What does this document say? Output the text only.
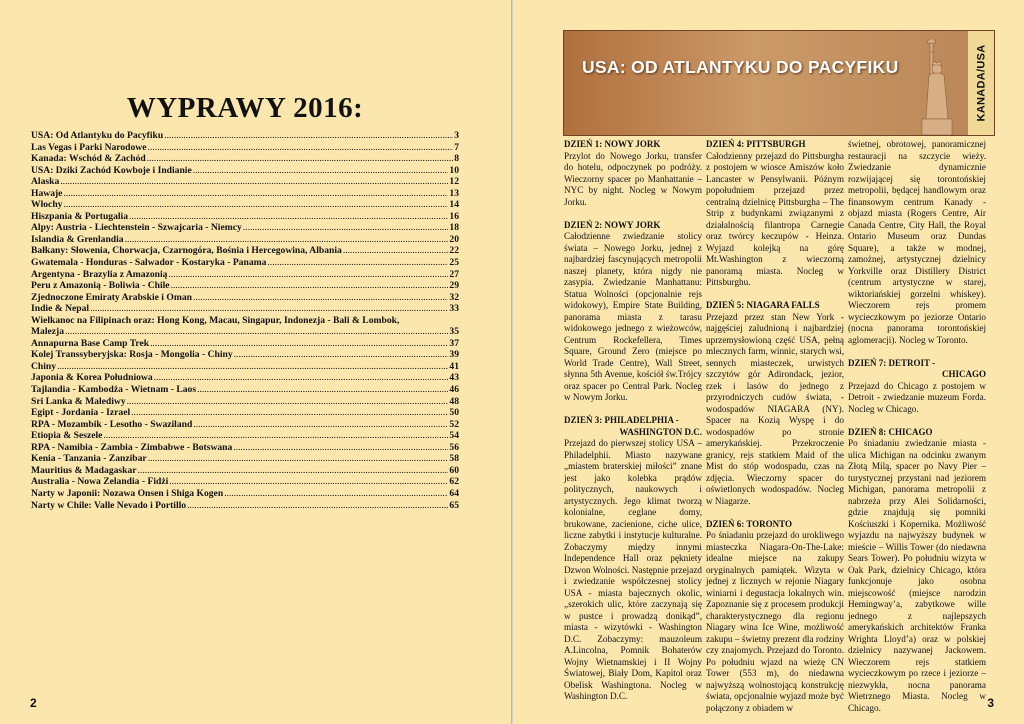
WYPRAWY 2016:
USA: Od Atlantyku do Pacyfiku .....	3
Las Vegas i Parki Narodowe .....	7
Kanada: Wschód & Zachód .....	8
USA: Dziki Zachód Kowboje i Indianie .....	10
Alaska .....	12
Hawaje .....	13
Włochy .....	14
Hiszpania & Portugalia .....	16
Alpy: Austria - Liechtenstein - Szwajcaria - Niemcy .....	18
Islandia & Grenlandia .....	20
Bałkany: Słowenia, Chorwacja, Czarnogóra, Bośnia i Hercegowina, Albania .....	22
Gwatemala - Honduras - Salwador - Kostaryka - Panama .....	25
Argentyna - Brazylia z Amazonią .....	27
Peru z Amazonią - Boliwia - Chile .....	29
Zjednoczone Emiraty Arabskie i Oman .....	32
Indie & Nepal .....	33
Wielkanoc na Filipinach oraz: Hong Kong, Macau, Singapur, Indonezja - Bali & Lombok,
Malezja .....	35
Annapurna Base Camp Trek .....	37
Kolej Transsyberyjska: Rosja - Mongolia - Chiny .....	39
Chiny .....	41
Japonia & Korea Południowa .....	43
Tajlandia - Kambodża - Wietnam - Laos .....	46
Sri Lanka & Malediwy .....	48
Egipt - Jordania - Izrael .....	50
RPA - Mozambik - Lesotho - Swaziland .....	52
Etiopia & Seszele .....	54
RPA - Namibia - Zambia - Zimbabwe - Botswana .....	56
Kenia - Tanzania - Zanzibar .....	58
Mauritius & Madagaskar .....	60
Australia - Nowa Zelandia - Fidżi .....	62
Narty w Japonii: Nozawa Onsen i Shiga Kogen .....	64
Narty w Chile: Valle Nevado i Portillo .....	65
2
USA: OD ATLANTYKU DO PACYFIKU	KANADA/USA
DZIEŃ 1: NOWY JORK

Przylot do Nowego Jorku, transfer do hotelu, odpoczynek po podróży. Wieczorny spacer po Manhattanie – NYC by night. Nocleg w Nowym Jorku.

DZIEŃ 2: NOWY JORK

Całodzienne zwiedzanie stolicy świata – Nowego Jorku, jednej z najbardziej fascynujących metropolii naszej planety, która nigdy nie zasypia. Zwiedzanie Manhattanu: Statua Wolności (opcjonalnie rejs widokowy), Empire State Building, panorama miasta z tarasu widokowego jednego z wieżowców, Centrum Rockefellera, Times Square, Ground Zero (miejsce po World Trade Centre), Wall Street, słynna 5th Avenue, kościół św.Trójcy oraz spacer po Central Park. Nocleg w Nowym Jorku.

DZIEŃ 3: PHILADELPHIA -
WASHINGTON D.C.

Przejazd do pierwszej stolicy USA – Philadelphii. Miasto nazywane „miastem braterskiej miłości” znane jest jako kolebka prądów politycznych, naukowych i artystycznych. Jego klimat tworzą kolonialne, ceglane domy, brukowane, zacienione, ciche ulice, liczne zabytki i instytucje kulturalne. Zobaczymy między innymi Independence Hall oraz pękniety Dzwon Wolności. Następnie przejazd i zwiedzanie współczesnej stolicy USA - miasta bajecznych okolic, „szerokich ulic, które zaczynają się w pustce i prowadzą donikąd”, miasta - wizytówki - Washington D.C. Zobaczymy: mauzoleum A.Lincolna, Pomnik Bohaterów Wojny Wietnamskiej i II Wojny Światowej, Biały Dom, Kapitol oraz Obelisk Washingtona. Nocleg w Washington D.C.

DZIEŃ 4: PITTSBURGH

Całodzienny przejazd do Pittsburgha z postojem w wiosce Amiszów koło Lancaster w Pensylwanii. Późnym popołudniem przejazd przez centralną dzielnicę Pittsburgha – The Strip z budynkami związanymi z działalnością filantropa Carnegie oraz twórcy keczupów - Heinza. Wyjazd kolejką na górę Mt.Washington z wieczorną panoramą miasta. Nocleg w Pittsburghu.

DZIEŃ 5: NIAGARA FALLS

Przejazd przez stan New York - najgęściej zaludnioną i najbardziej uprzemysłowioną część USA, pełną mlecznych farm, winnic, starych wsi, sennych miasteczek, urwistych szczytów gór Adirondack, jezior, rzek i lasów do jednego z przyrodniczych cudów świata, - wodospadów NIAGARA (NY). Spacer na Kozią Wyspę i do wodospadów po stronie amerykańskiej. Przekroczenie granicy, rejs statkiem Maid of the Mist do stóp wodospadu, czas na zdjęcia. Wieczorny spacer do oświetlonych wodospadów. Nocleg w Niagarze.

DZIEŃ 6: TORONTO

Po śniadaniu przejazd do urokliwego miasteczka Niagara-On-The-Lake: idealne miejsce na zakupy oryginalnych pamiątek. Wizyta w jednej z licznych w rejonie Niagary winiarni i degustacja lokalnych win. Zapoznanie się z procesem produkcji charakterystycznego dla regionu Niagary wina Ice Wine, możliwość zakupu – świetny prezent dla rodziny czy znajomych. Przejazd do Toronto. Po południu wjazd na wieżę CN Tower (553 m), do niedawna najwyższą wolnostojącą konstrukcję świata, opcjonalnie wyjazd może być połączony z obiadem w

świetnej, obrotowej, panoramicznej restauracji na szczycie wieży. Zwiedzanie dynamicznie rozwijającej się torontońskiej metropolii, będącej handlowym oraz finansowym centrum Kanady - objazd miasta (Rogers Centre, Air Canada Centre, City Hall, the Royal Ontario Museum oraz Dundas Square), a także w modnej, zamożnej, artystycznej dzielnicy Yorkville oraz Distillery District (centrum artystyczne w starej, wiktoriańskiej gorzelni whiskey). Wieczorem rejs promem wycieczkowym po jeziorze Ontario (nocna panorama torontońskiej aglomeracji). Nocleg w Toronto.

DZIEŃ 7: DETROIT -
CHICAGO

Przejazd do Chicago z postojem w Detroit - zwiedzanie muzeum Forda. Nocleg w Chicago.

DZIEŃ 8: CHICAGO

Po śniadaniu zwiedzanie miasta - ulica Michigan na odcinku zwanym Złotą Milą, spacer po Navy Pier – turystycznej przystani nad jeziorem Michigan, panorama metropolii z nabrzeża przy Alei Solidarności, gdzie znajdują się pomniki Kościuszki i Kopernika. Możliwość wyjazdu na najwyższy budynek w mieście – Willis Tower (do niedawna Sears Tower). Po południu wizyta w Oak Park, dzielnicy Chicago, która funkcjonuje jako osobna miejscowość (miejsce narodzin Hemingway’a, zabytkowe wille jednego z najlepszych amerykańskich architektów Franka Wrighta Lloyd’a) oraz w polskiej dzielnicy nazywanej Jackowem. Wieczorem rejs statkiem wycieczkowym po rzece i jeziorze – niezwykła, nocna panorama Wietrznego Miasta. Nocleg w Chicago.	3
